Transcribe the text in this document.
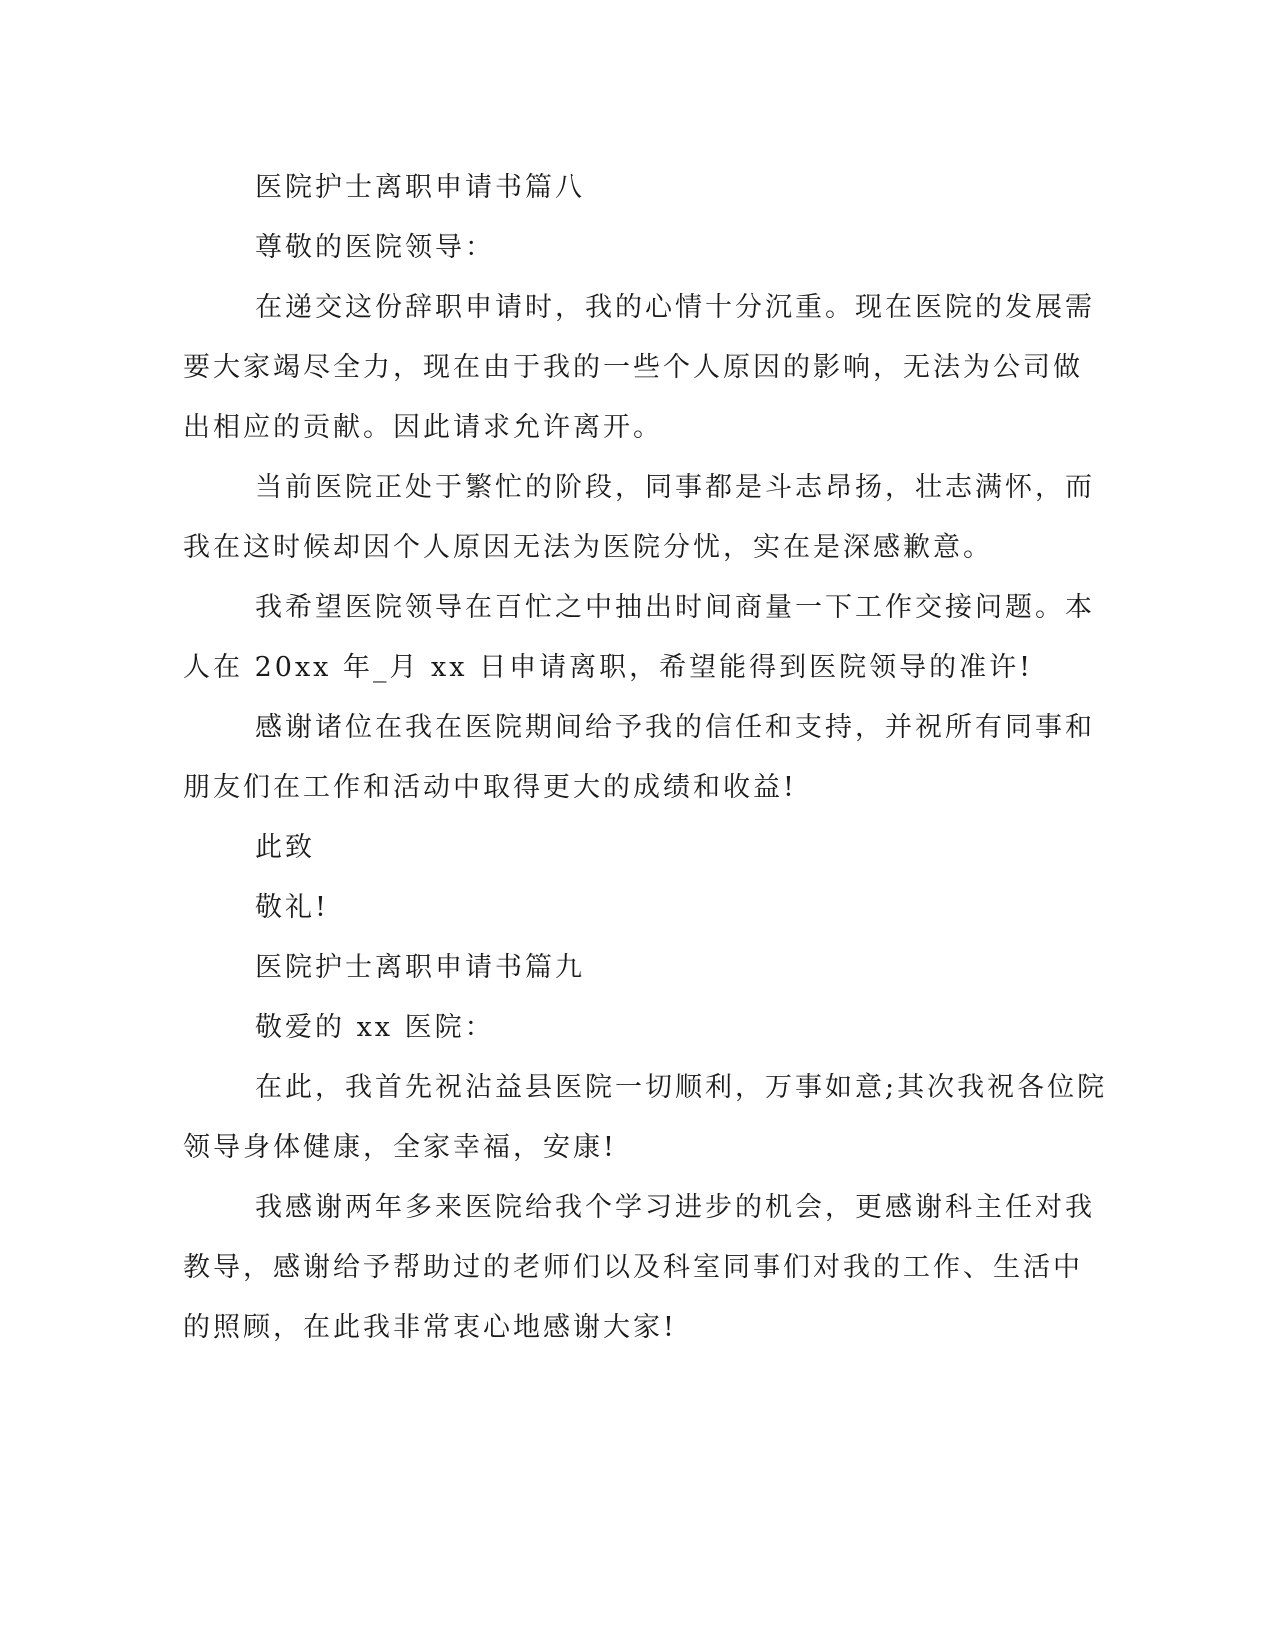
医院护士离职申请书篇八
尊敬的医院领导：
在递交这份辞职申请时，我的心情十分沉重。现在医院的发展需
要大家竭尽全力，现在由于我的一些个人原因的影响，无法为公司做
出相应的贡献。因此请求允许离开。
当前医院正处于繁忙的阶段，同事都是斗志昂扬，壮志满怀，而
我在这时候却因个人原因无法为医院分忧，实在是深感歉意。
我希望医院领导在百忙之中抽出时间商量一下工作交接问题。本
人在 20xx 年_月 xx 日申请离职，希望能得到医院领导的准许!
感谢诸位在我在医院期间给予我的信任和支持，并祝所有同事和
朋友们在工作和活动中取得更大的成绩和收益!
此致
敬礼!
医院护士离职申请书篇九
敬爱的 xx 医院：
在此，我首先祝沾益县医院一切顺利，万事如意;其次我祝各位院
领导身体健康，全家幸福，安康!
我感谢两年多来医院给我个学习进步的机会，更感谢科主任对我
教导，感谢给予帮助过的老师们以及科室同事们对我的工作、生活中
的照顾，在此我非常衷心地感谢大家!
